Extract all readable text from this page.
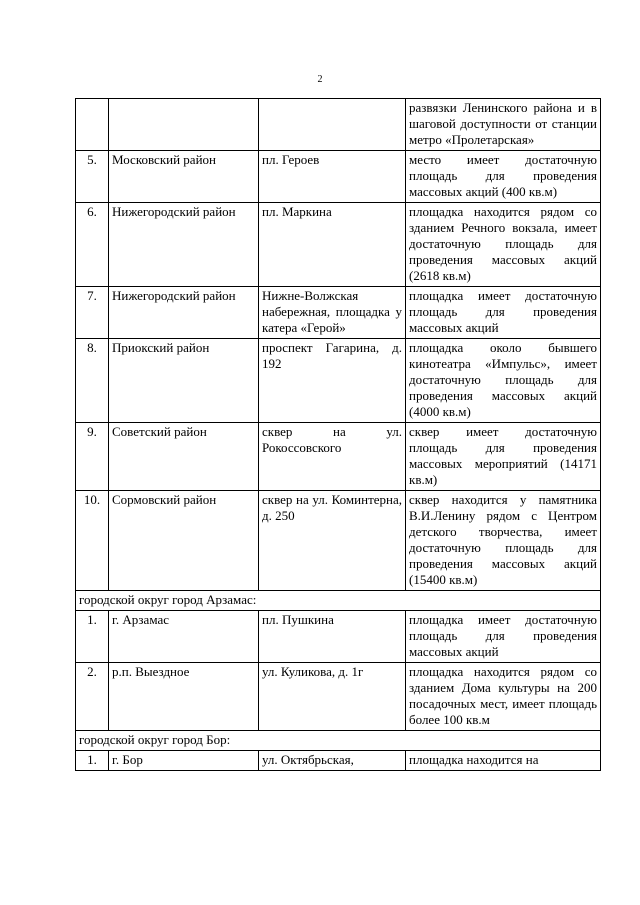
2
			развязки Ленинского района и в шаговой доступности от станции метро «Пролетарская»
5.	Московский район	пл. Героев	место имеет достаточную площадь для проведения массовых акций (400 кв.м)
6.	Нижегородский район	пл. Маркина	площадка находится рядом со зданием Речного вокзала, имеет достаточную площадь для проведения массовых акций (2618 кв.м)
7.	Нижегородский район	Нижне-Волжская набережная, площадка у катера «Герой»	площадка имеет достаточную площадь для проведения массовых акций
8.	Приокский район	проспект Гагарина, д. 192	площадка около бывшего кинотеатра «Импульс», имеет достаточную площадь для проведения массовых акций (4000 кв.м)
9.	Советский район	сквер на ул. Рокоссовского	сквер имеет достаточную площадь для проведения массовых мероприятий (14171 кв.м)
10.	Сормовский район	сквер на ул. Коминтерна, д. 250	сквер находится у памятника В.И.Ленину рядом с Центром детского творчества, имеет достаточную площадь для проведения массовых акций (15400 кв.м)
городской округ город Арзамас:			
1.	г. Арзамас	пл. Пушкина	площадка имеет достаточную площадь для проведения массовых акций
2.	р.п. Выездное	ул. Куликова, д. 1г	площадка находится рядом со зданием Дома культуры на 200 посадочных мест, имеет площадь более 100 кв.м
городской округ город Бор:			
1.	г. Бор	ул. Октябрьская,	площадка находится на
